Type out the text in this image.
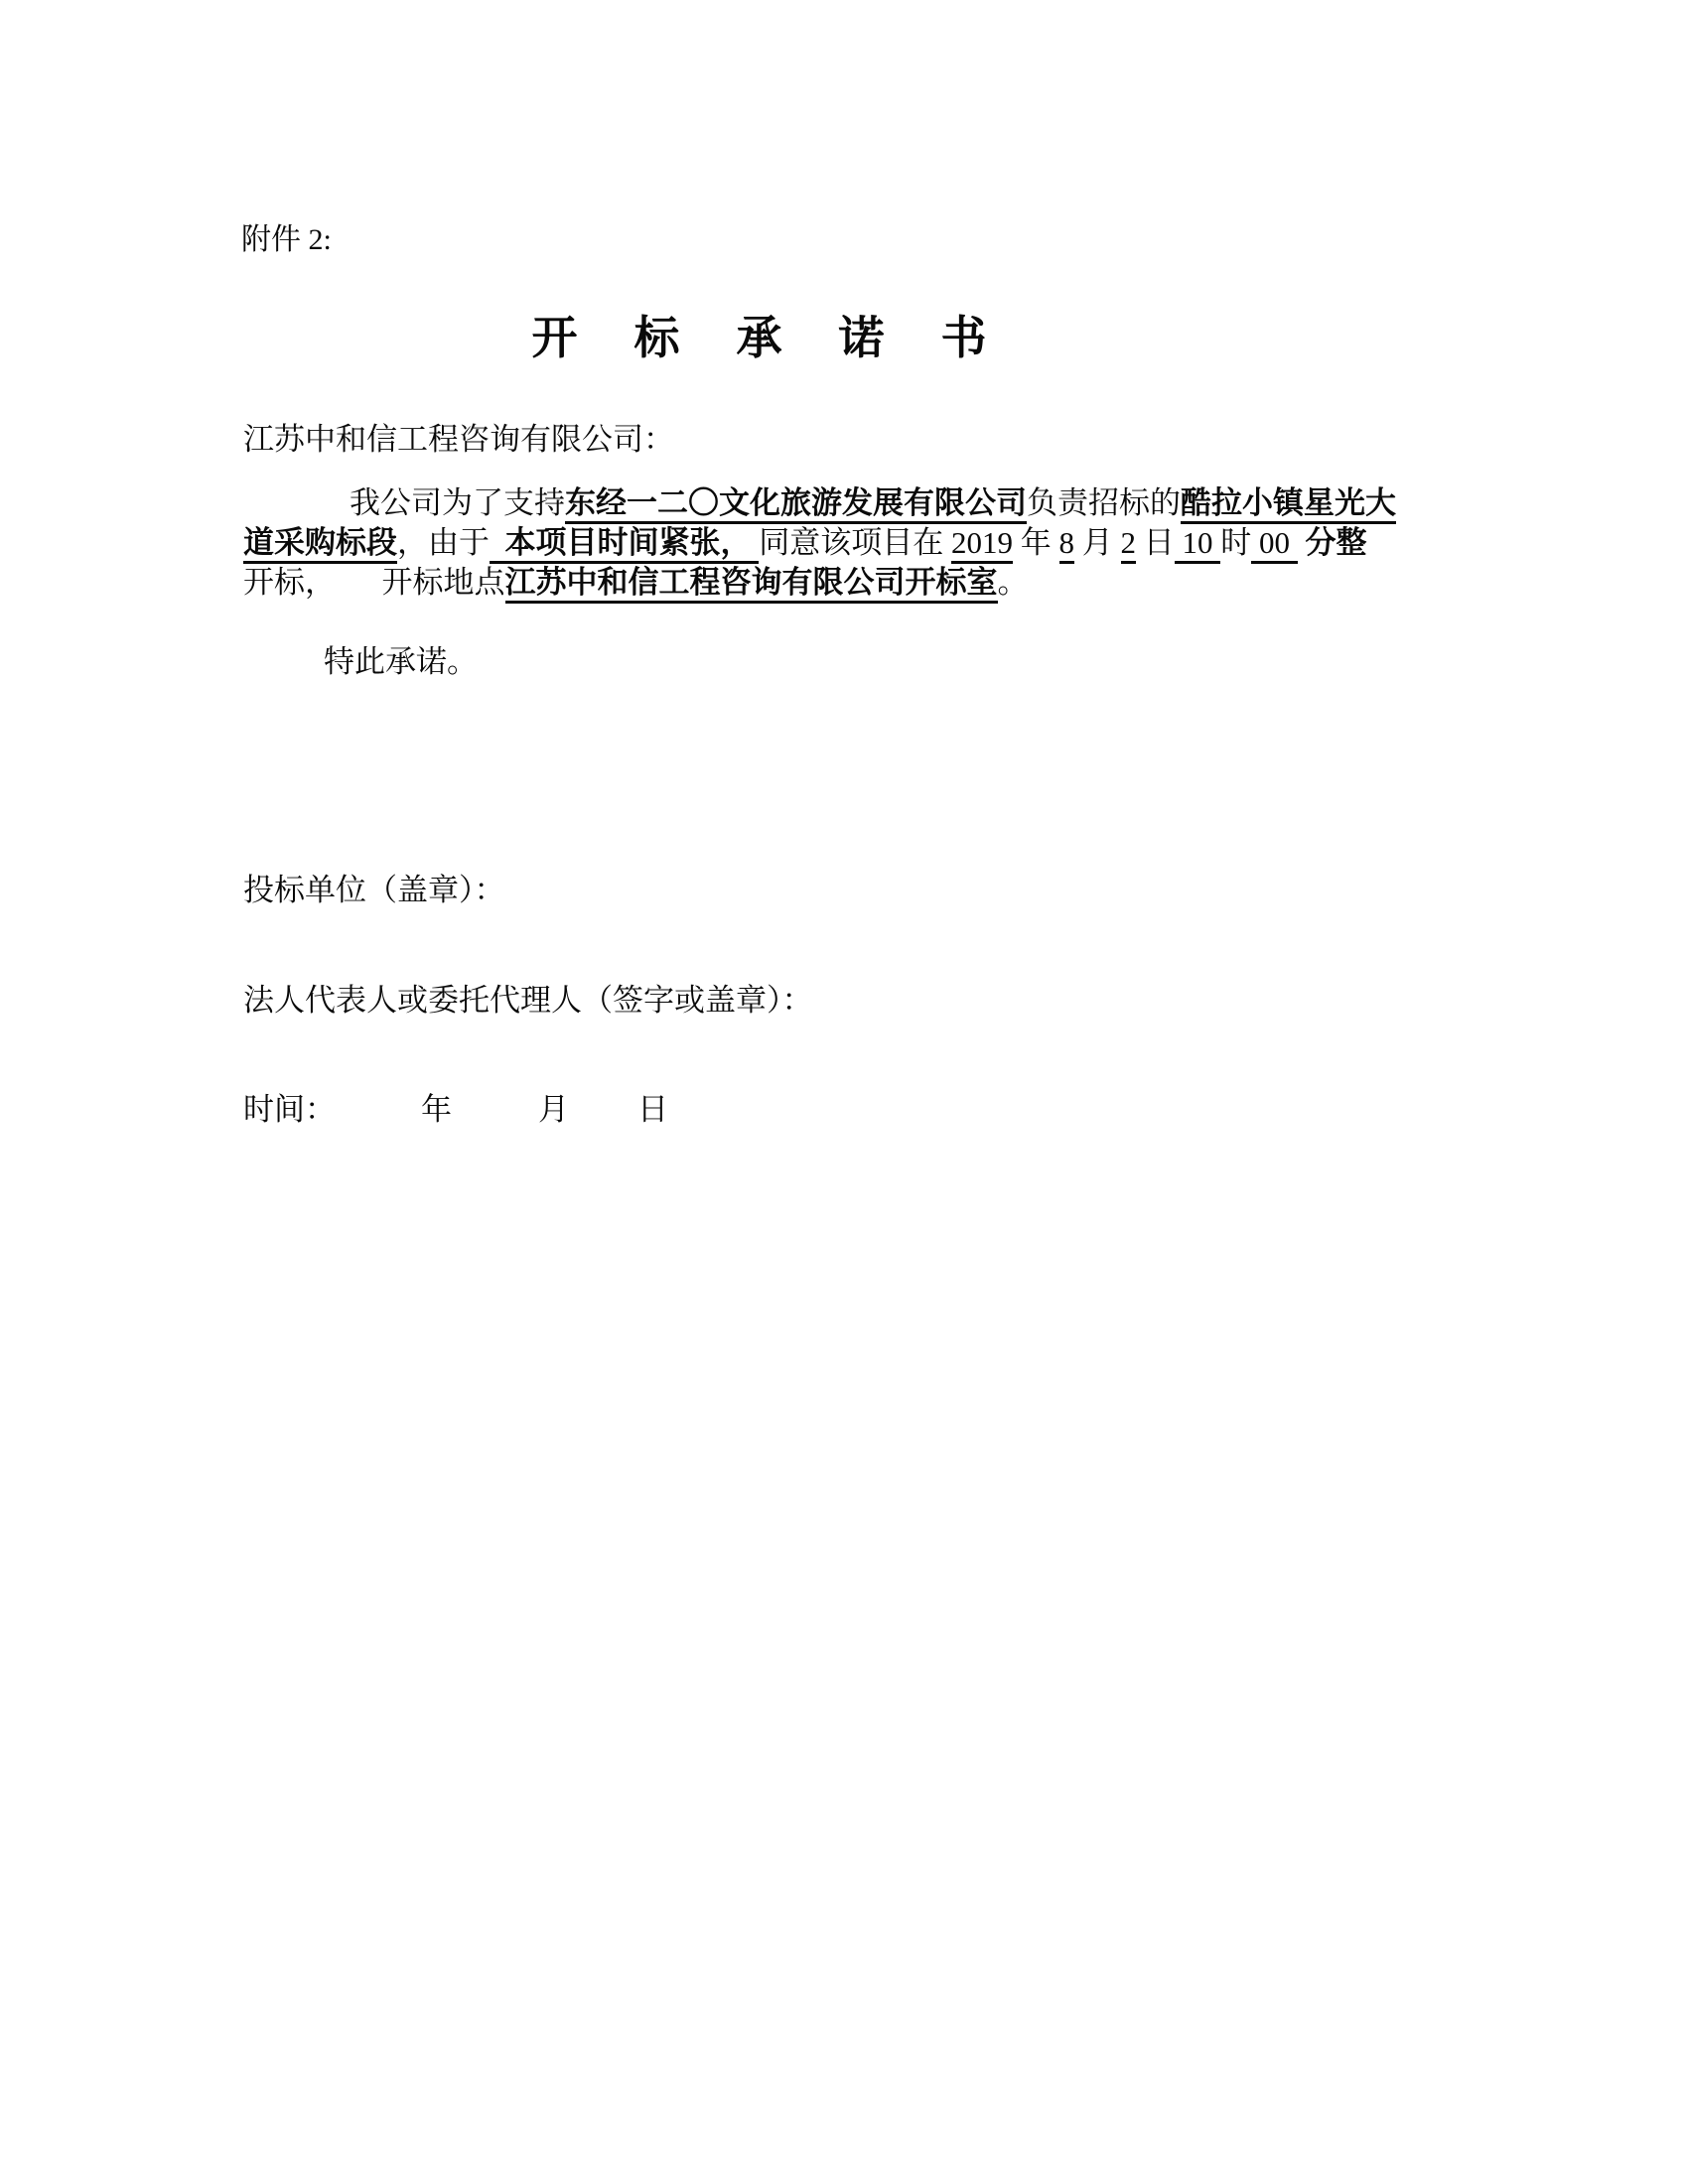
附件 2:
开标承诺书
江苏中和信工程咨询有限公司：
我公司为了支持东经一二〇文化旅游发展有限公司负责招标的酷拉小镇星光大
道采购标段，由于  本项目时间紧张， 同意该项目在 2019 年 8 月 2 日 10 时 00  分整
开标，      开标地点江苏中和信工程咨询有限公司开标室。
特此承诺。
投标单位（盖章）：
法人代表人或委托代理人（签字或盖章）：
时间：	年	月 日
